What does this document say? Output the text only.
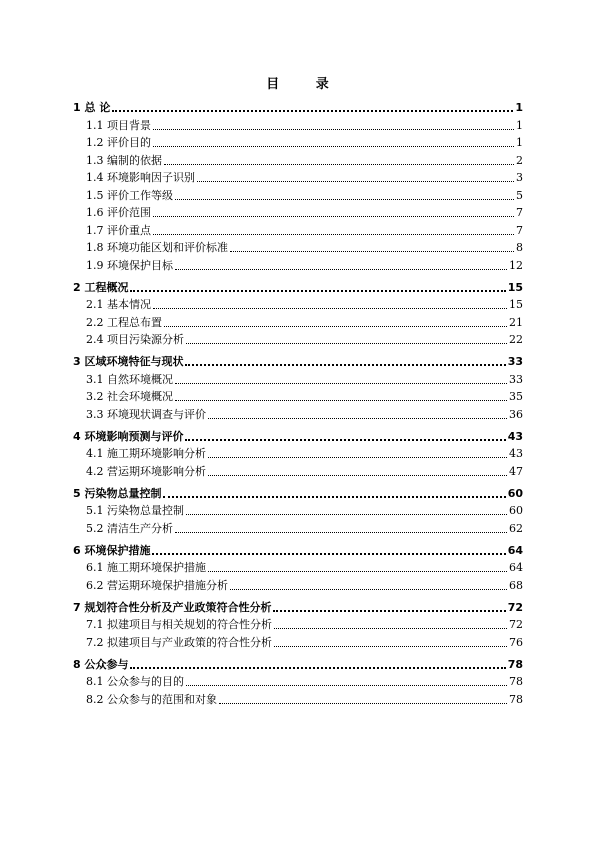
目 录
1 总 论	1
1.1 项目背景	1
1.2 评价目的	1
1.3 编制的依据	2
1.4 环境影响因子识别	3
1.5 评价工作等级	5
1.6 评价范围	7
1.7 评价重点	7
1.8 环境功能区划和评价标准	8
1.9 环境保护目标	12
2 工程概况	15
2.1 基本情况	15
2.2 工程总布置	21
2.4 项目污染源分析	22
3 区域环境特征与现状	33
3.1 自然环境概况	33
3.2 社会环境概况	35
3.3 环境现状调查与评价	36
4 环境影响预测与评价	43
4.1 施工期环境影响分析	43
4.2 营运期环境影响分析	47
5 污染物总量控制	60
5.1 污染物总量控制	60
5.2 清洁生产分析	62
6 环境保护措施	64
6.1 施工期环境保护措施	64
6.2 营运期环境保护措施分析	68
7 规划符合性分析及产业政策符合性分析	72
7.1 拟建项目与相关规划的符合性分析	72
7.2 拟建项目与产业政策的符合性分析	76
8 公众参与	78
8.1 公众参与的目的	78
8.2 公众参与的范围和对象	78
